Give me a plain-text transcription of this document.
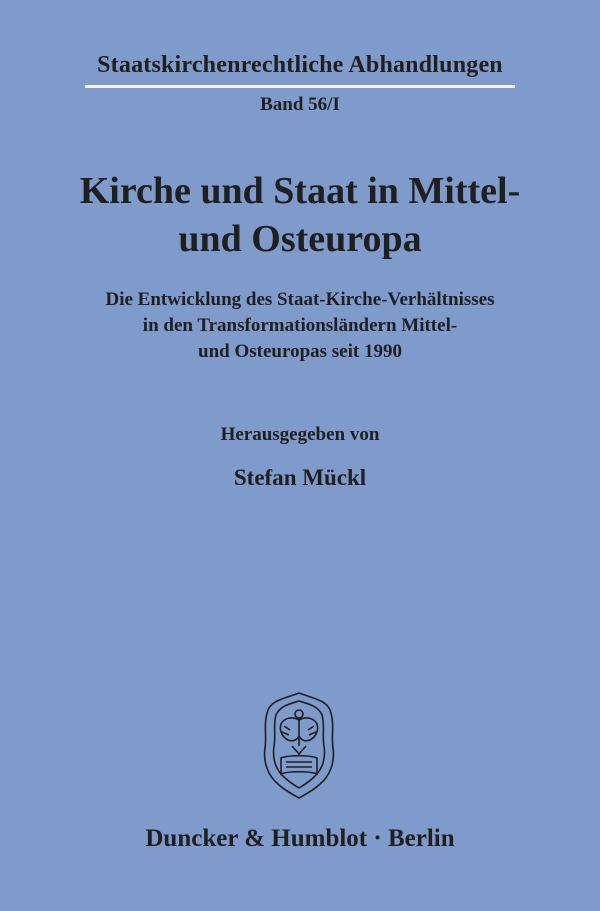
Staatskirchenrechtliche Abhandlungen
Band 56/I
Kirche und Staat in Mittel-
und Osteuropa
Die Entwicklung des Staat-Kirche-Verhältnisses
in den Transformationsländern Mittel-
und Osteuropas seit 1990
Herausgegeben von
Stefan Mückl
Duncker & Humblot · Berlin
